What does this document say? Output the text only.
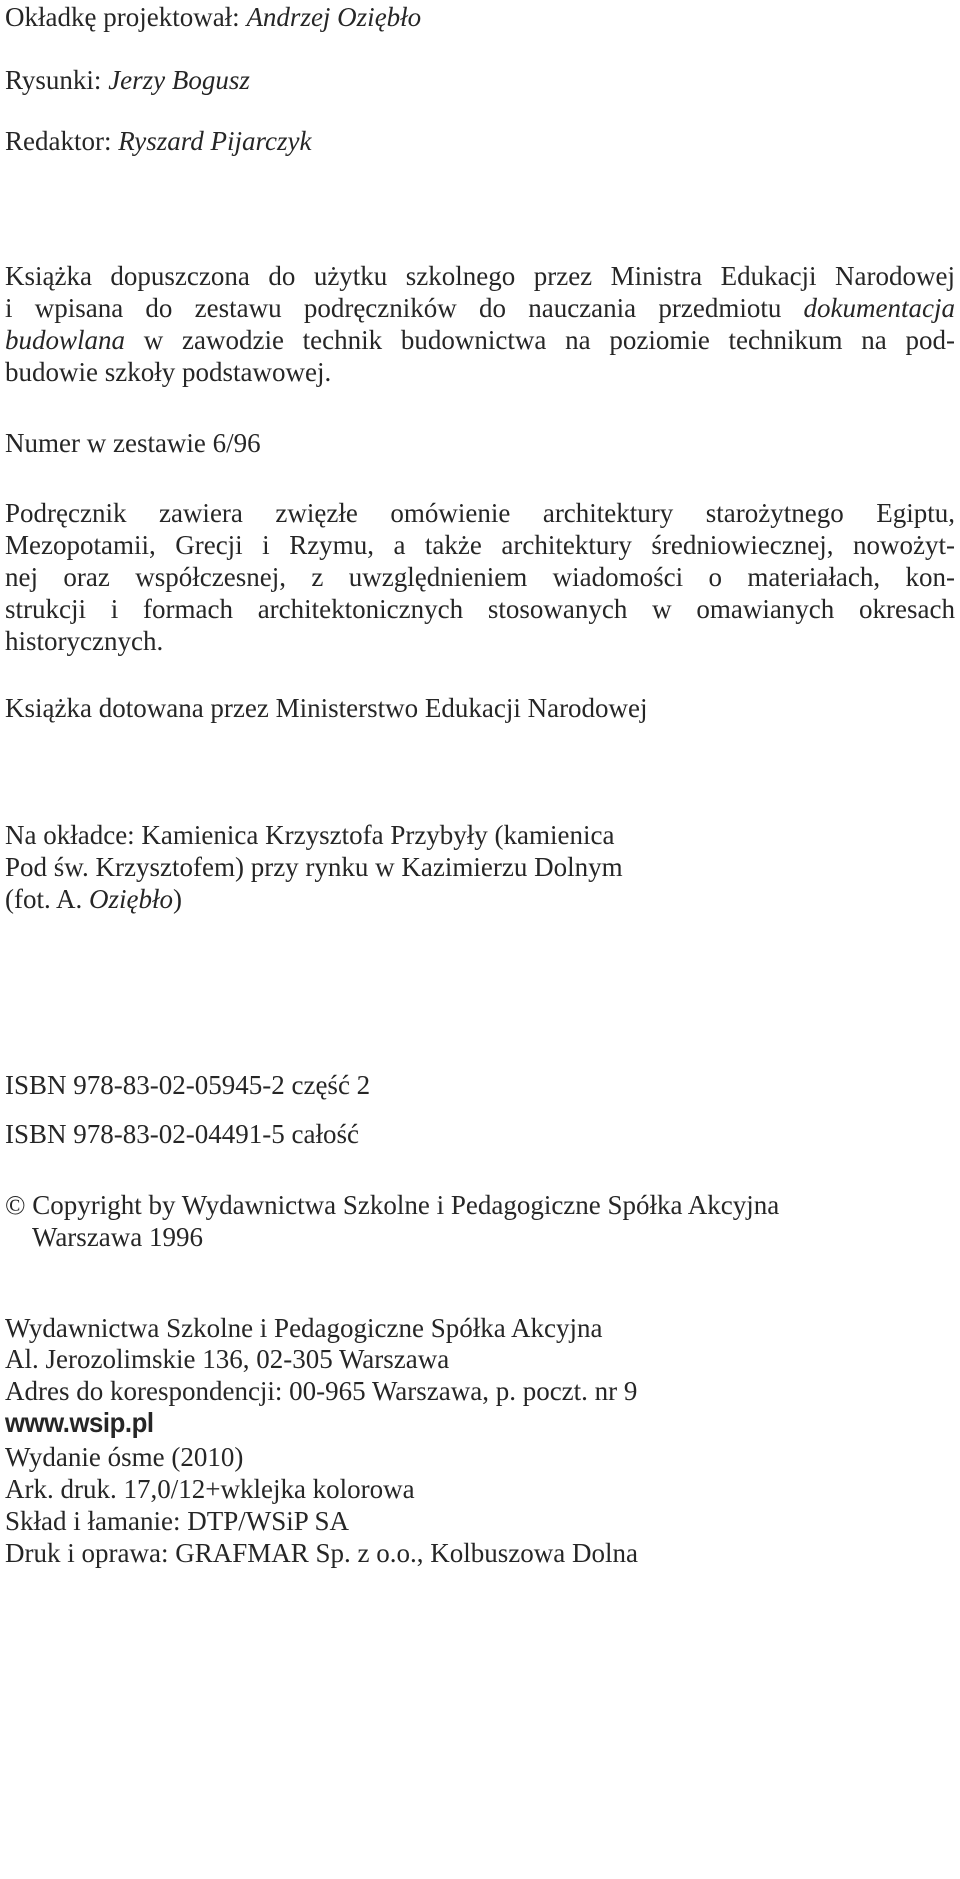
Okładkę projektował: Andrzej Oziębło
Rysunki: Jerzy Bogusz
Redaktor: Ryszard Pijarczyk
Książka dopuszczona do użytku szkolnego przez Ministra Edukacji Narodowej
i wpisana do zestawu podręczników do nauczania przedmiotu dokumentacja
budowlana w zawodzie technik budownictwa na poziomie technikum na pod-
budowie szkoły podstawowej.
Numer w zestawie 6/96
Podręcznik zawiera zwięzłe omówienie architektury starożytnego Egiptu,
Mezopotamii, Grecji i Rzymu, a także architektury średniowiecznej, nowożyt-
nej oraz współczesnej, z uwzględnieniem wiadomości o materiałach, kon-
strukcji i formach architektonicznych stosowanych w omawianych okresach
historycznych.
Książka dotowana przez Ministerstwo Edukacji Narodowej
Na okładce: Kamienica Krzysztofa Przybyły (kamienica
Pod św. Krzysztofem) przy rynku w Kazimierzu Dolnym
(fot. A. Oziębło)
ISBN 978-83-02-05945-2 część 2
ISBN 978-83-02-04491-5 całość
© Copyright by Wydawnictwa Szkolne i Pedagogiczne Spółka Akcyjna
Warszawa 1996
Wydawnictwa Szkolne i Pedagogiczne Spółka Akcyjna
Al. Jerozolimskie 136, 02-305 Warszawa
Adres do korespondencji: 00-965 Warszawa, p. poczt. nr 9
www.wsip.pl
Wydanie ósme (2010)
Ark. druk. 17,0/12+wklejka kolorowa
Skład i łamanie: DTP/WSiP SA
Druk i oprawa: GRAFMAR Sp. z o.o., Kolbuszowa Dolna
